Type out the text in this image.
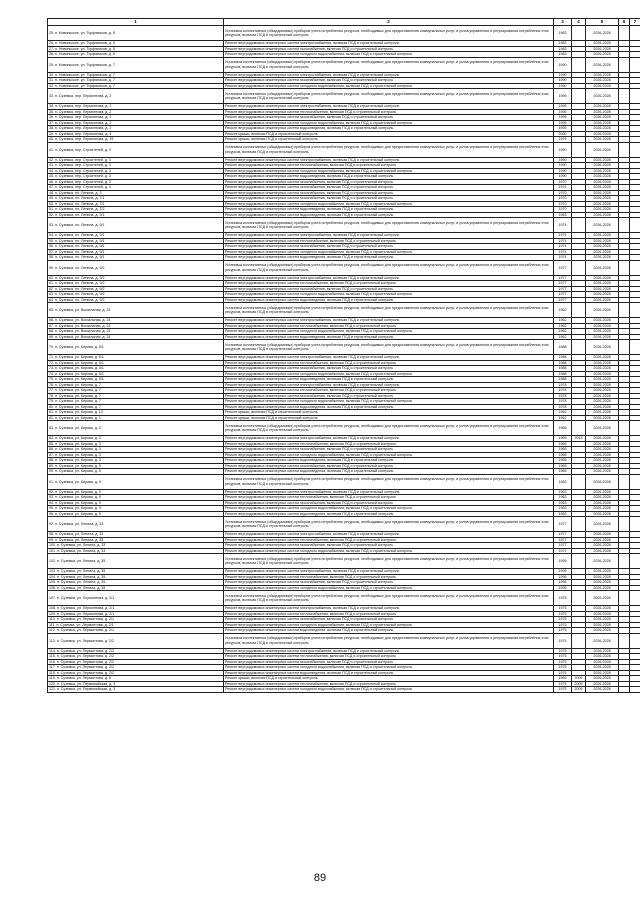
1	2	3	4	5	6	7
25. п. Новиньское, ул. Торфяников, д. 5	Установка коллективных (общедомовых) приборов учета потребления ресурсов, необходимых для предоставления коммунальных услуг, и узлов управления и регулирования потребления этих ресурсов, включая ПСД и строительный контроль	1983		2026-2028		
26. п. Новиньское, ул. Торфяников, д. 5	Ремонт внутридомовых инженерных систем электроснабжения, включая ПСД и строительный контроль	1983		2026-2028		
27. п. Новиньское, ул. Торфяников, д. 5	Ремонт внутридомовых инженерных систем газоснабжения, включая ПСД и строительный контроль	1983		2026-2028		
28. п. Новиньское, ул. Торфяников, д. 5	Ремонт внутридомовых инженерных систем холодного водоснабжения, включая ПСД и строительный контроль	1983		2026-2028		
29. п. Новиньское, ул. Торфяников, д. 7	Установка коллективных (общедомовых) приборов учета потребления ресурсов, необходимых для предоставления коммунальных услуг, и узлов управления и регулирования потребления этих ресурсов, включая ПСД и строительный контроль	1990		2026-2028		
30. п. Новиньское, ул. Торфяников, д. 7	Ремонт внутридомовых инженерных систем электроснабжения, включая ПСД и строительный контроль	1990		2026-2028		
31. п. Новиньское, ул. Торфяников, д. 7	Ремонт внутридомовых инженерных систем газоснабжения, включая ПСД и строительный контроль	1990		2026-2028		
32. п. Новиньское, ул. Торфяников, д. 7	Ремонт внутридомовых инженерных систем холодного водоснабжения, включая ПСД и строительный контроль	1990		2026-2028		
33. п. Суземка, пер. Лермонтова, д. 2	Установка коллективных (общедомовых) приборов учета потребления ресурсов, необходимых для предоставления коммунальных услуг, и узлов управления и регулирования потребления этих ресурсов, включая ПСД и строительный контроль	1995		2026-2028		
34. п. Суземка, пер. Лермонтова, д. 2	Ремонт внутридомовых инженерных систем электроснабжения, включая ПСД и строительный контроль	1995		2026-2028		
35. п. Суземка, пер. Лермонтова, д. 2	Ремонт внутридомовых инженерных систем теплоснабжения, включая ПСД и строительный контроль	1995		2026-2028		
36. п. Суземка, пер. Лермонтова, д. 2	Ремонт внутридомовых инженерных систем газоснабжения, включая ПСД и строительный контроль	1995		2026-2028		
37. п. Суземка, пер. Лермонтова, д. 2	Ремонт внутридомовых инженерных систем холодного водоснабжения, включая ПСД и строительный контроль	1995		2026-2028		
38. п. Суземка, пер. Лермонтова, д. 2	Ремонт внутридомовых инженерных систем водоотведения, включая ПСД и строительный контроль	1995		2026-2028		
39. п. Суземка, пер. Лермонтова, д. 4	Ремонт крыши, включая ПСД и строительный контроль	2000		2026-2028		
40. п. Суземка, пер. Лермонтова, д. 15	Ремонт крыши, включая ПСД и строительный контроль	1979		2026-2028		
41. п. Суземка, пер. Строителей, д. 3	Установка коллективных (общедомовых) приборов учета потребления ресурсов, необходимых для предоставления коммунальных услуг, и узлов управления и регулирования потребления этих ресурсов, включая ПСД и строительный контроль	1990		2026-2028		
42. п. Суземка, пер. Строителей, д. 3	Ремонт внутридомовых инженерных систем электроснабжения, включая ПСД и строительный контроль	1990		2026-2028		
43. п. Суземка, пер. Строителей, д. 3	Ремонт внутридомовых инженерных систем теплоснабжения, включая ПСД и строительный контроль	1990		2026-2028		
44. п. Суземка, пер. Строителей, д. 3	Ремонт внутридомовых инженерных систем холодного водоснабжения, включая ПСД и строительный контроль	1990		2026-2028		
45. п. Суземка, пер. Строителей, д. 3	Ремонт внутридомовых инженерных систем водоотведения, включая ПСД и строительный контроль	1990		2026-2028		
46. п. Суземка, пер. Строителей, д. 3	Ремонт внутридомовых инженерных систем газоснабжения, включая ПСД и строительный контроль	1970		2026-2028		
47. п. Суземка, пер. Строителей, д. 4	Ремонт внутридомовых инженерных систем газоснабжения, включая ПСД и строительный контроль	1974		2026-2028		
48. п. Суземка, пл. Ленина, д. 3	Ремонт внутридомовых инженерных систем газоснабжения, включая ПСД и строительный контроль	1970		2026-2028		
49. п. Суземка, пл. Ленина, д. 7/1	Ремонт внутридомовых инженерных систем газоснабжения, включая ПСД и строительный контроль	1970		2026-2028		
50. п. Суземка, пл. Ленина, д. 7/1	Ремонт внутридомовых инженерных систем холодного водоснабжения, включая ПСД и строительный контроль	1970		2026-2028		
51. п. Суземка, пл. Ленина, д. 7/2	Ремонт внутридомовых инженерных систем водоотведения, включая ПСД и строительный контроль	1970		2026-2028		
52. п. Суземка, пл. Ленина, д. 9/1	Ремонт внутридомовых инженерных систем водоотведения, включая ПСД и строительный контроль	1953		2026-2028		
53. п. Суземка, пл. Ленина, д. 9/1	Установка коллективных (общедомовых) приборов учета потребления ресурсов, необходимых для предоставления коммунальных услуг, и узлов управления и регулирования потребления этих ресурсов, включая ПСД и строительный контроль	1974		2026-2028		
54. п. Суземка, пл. Ленина, д. 9/1	Ремонт внутридомовых инженерных систем электроснабжения, включая ПСД и строительный контроль	1974		2026-2028		
55. п. Суземка, пл. Ленина, д. 9/1	Ремонт внутридомовых инженерных систем теплоснабжения, включая ПСД и строительный контроль	1974		2026-2028		
56. п. Суземка, пл. Ленина, д. 9/1	Ремонт внутридомовых инженерных систем газоснабжения, включая ПСД и строительный контроль	1974		2026-2028		
57. п. Суземка, пл. Ленина, д. 9/1	Ремонт внутридомовых инженерных систем холодного водоснабжения, включая ПСД и строительный контроль	1974		2026-2028		
58. п. Суземка, пл. Ленина, д. 9/1	Ремонт внутридомовых инженерных систем водоотведения, включая ПСД и строительный контроль	1974		2026-2028		
59. п. Суземка, пл. Ленина, д. 9/2	Установка коллективных (общедомовых) приборов учета потребления ресурсов, необходимых для предоставления коммунальных услуг, и узлов управления и регулирования потребления этих ресурсов, включая ПСД и строительный контроль	1977		2026-2028		
60. п. Суземка, пл. Ленина, д. 9/2	Ремонт внутридомовых инженерных систем электроснабжения, включая ПСД и строительный контроль	1977		2026-2028		
61. п. Суземка, пл. Ленина, д. 9/2	Ремонт внутридомовых инженерных систем теплоснабжения, включая ПСД и строительный контроль	1977		2026-2028		
62. п. Суземка, пл. Ленина, д. 9/2	Ремонт внутридомовых инженерных систем газоснабжения, включая ПСД и строительный контроль	1977		2026-2028		
63. п. Суземка, пл. Ленина, д. 9/2	Ремонт внутридомовых инженерных систем холодного водоснабжения, включая ПСД и строительный контроль	1977		2026-2028		
64. п. Суземка, пл. Ленина, д. 9/2	Ремонт внутридомовых инженерных систем водоотведения, включая ПСД и строительный контроль	1977		2026-2028		
65. п. Суземка, ул. Вокзальная, д. 24	Установка коллективных (общедомовых) приборов учета потребления ресурсов, необходимых для предоставления коммунальных услуг, и узлов управления и регулирования потребления этих ресурсов, включая ПСД и строительный контроль	1962		2026-2028		
66. п. Суземка, ул. Вокзальная, д. 24	Ремонт внутридомовых инженерных систем электроснабжения, включая ПСД и строительный контроль	1962		2026-2028		
67. п. Суземка, ул. Вокзальная, д. 24	Ремонт внутридомовых инженерных систем теплоснабжения, включая ПСД и строительный контроль	1962		2026-2028		
68. п. Суземка, ул. Вокзальная, д. 24	Ремонт внутридомовых инженерных систем холодного водоснабжения, включая ПСД и строительный контроль	1962		2026-2028		
69. п. Суземка, ул. Вокзальная, д. 24	Ремонт внутридомовых инженерных систем водоотведения, включая ПСД и строительный контроль	1962		2026-2028		
70. п. Суземка, ул. Кирова, д. 5/1	Установка коллективных (общедомовых) приборов учета потребления ресурсов, необходимых для предоставления коммунальных услуг, и узлов управления и регулирования потребления этих ресурсов, включая ПСД и строительный контроль	1988		2026-2028		
71. п. Суземка, ул. Кирова, д. 5/1	Ремонт внутридомовых инженерных систем электроснабжения, включая ПСД и строительный контроль	1988		2026-2028		
72. п. Суземка, ул. Кирова, д. 5/1	Ремонт внутридомовых инженерных систем теплоснабжения, включая ПСД и строительный контроль	1988		2026-2028		
73. п. Суземка, ул. Кирова, д. 5/1	Ремонт внутридомовых инженерных систем газоснабжения, включая ПСД и строительный контроль	1988		2026-2028		
74. п. Суземка, ул. Кирова, д. 5/1	Ремонт внутридомовых инженерных систем холодного водоснабжения, включая ПСД и строительный контроль	1988		2026-2028		
75. п. Суземка, ул. Кирова, д. 5/1	Ремонт внутридомовых инженерных систем водоотведения, включая ПСД и строительный контроль	1988		2026-2028		
76. п. Суземка, ул. Кирова, д. 7	Ремонт внутридомовых инженерных систем электроснабжения, включая ПСД и строительный контроль	1978		2026-2028		
77. п. Суземка, ул. Кирова, д. 7	Ремонт внутридомовых инженерных систем теплоснабжения, включая ПСД и строительный контроль	1978		2026-2028		
78. п. Суземка, ул. Кирова, д. 7	Ремонт внутридомовых инженерных систем газоснабжения, включая ПСД и строительный контроль	1978		2026-2028		
79. п. Суземка, ул. Кирова, д. 7	Ремонт внутридомовых инженерных систем холодного водоснабжения, включая ПСД и строительный контроль	1978		2026-2028		
80. п. Суземка, ул. Кирова, д. 7	Ремонт внутридомовых инженерных систем водоотведения, включая ПСД и строительный контроль	1978		2026-2028		
81. п. Суземка, ул. Кирова, д. 13	Ремонт крыши, включая ПСД и строительный контроль	1962		2026-2028		
82. п. Суземка, ул. Кирова, д. 1	Ремонт крыши, включая ПСД и строительный контроль	1962		2026-2028		
83. п. Суземка, ул. Кирова, д. 3	Установка коллективных (общедомовых) приборов учета потребления ресурсов, необходимых для предоставления коммунальных услуг, и узлов управления и регулирования потребления этих ресурсов, включая ПСД и строительный контроль	1965		2026-2028		
84. п. Суземка, ул. Кирова, д. 3	Ремонт внутридомовых инженерных систем электроснабжения, включая ПСД и строительный контроль	1965	2015	2026-2028		
85. п. Суземка, ул. Кирова, д. 3	Ремонт внутридомовых инженерных систем теплоснабжения, включая ПСД и строительный контроль	1965		2026-2028		
86. п. Суземка, ул. Кирова, д. 3	Ремонт внутридомовых инженерных систем газоснабжения, включая ПСД и строительный контроль	1965		2026-2028		
87. п. Суземка, ул. Кирова, д. 3	Ремонт внутридомовых инженерных систем холодного водоснабжения, включая ПСД и строительный контроль	1965		2026-2028		
88. п. Суземка, ул. Кирова, д. 3	Ремонт внутридомовых инженерных систем водоотведения, включая ПСД и строительный контроль	1965		2026-2028		
89. п. Суземка, ул. Кирова, д. 5	Ремонт внутридомовых инженерных систем газоснабжения, включая ПСД и строительный контроль	1965		2026-2028		
90. п. Суземка, ул. Кирова, д. 5	Ремонт внутридомовых инженерных систем водоотведения, включая ПСД и строительный контроль	1965		2026-2028		
91. п. Суземка, ул. Кирова, д. 9	Установка коллективных (общедомовых) приборов учета потребления ресурсов, необходимых для предоставления коммунальных услуг, и узлов управления и регулирования потребления этих ресурсов, включая ПСД и строительный контроль	1963		2026-2028		
92. п. Суземка, ул. Кирова, д. 9	Ремонт внутридомовых инженерных систем электроснабжения, включая ПСД и строительный контроль	1963		2026-2028		
93. п. Суземка, ул. Кирова, д. 9	Ремонт внутридомовых инженерных систем теплоснабжения, включая ПСД и строительный контроль	1963		2026-2028		
94. п. Суземка, ул. Кирова, д. 9	Ремонт внутридомовых инженерных систем газоснабжения, включая ПСД и строительный контроль	1963		2026-2028		
95. п. Суземка, ул. Кирова, д. 9	Ремонт внутридомовых инженерных систем холодного водоснабжения, включая ПСД и строительный контроль	1963		2026-2028		
96. п. Суземка, ул. Кирова, д. 9	Ремонт внутридомовых инженерных систем водоотведения, включая ПСД и строительный контроль	1963		2026-2028		
97. п. Суземка, ул. Ленина, д. 33	Установка коллективных (общедомовых) приборов учета потребления ресурсов, необходимых для предоставления коммунальных услуг, и узлов управления и регулирования потребления этих ресурсов, включая ПСД и строительный контроль	1977		2026-2028		
98. п. Суземка, ул. Ленина, д. 33	Ремонт внутридомовых инженерных систем электроснабжения, включая ПСД и строительный контроль	1977		2026-2028		
99. п. Суземка, ул. Ленина, д. 33	Ремонт внутридомовых инженерных систем теплоснабжения, включая ПСД и строительный контроль	1977		2026-2028		
100. п. Суземка, ул. Ленина, д. 33	Ремонт внутридомовых инженерных систем газоснабжения, включая ПСД и строительный контроль	1977		2026-2028		
101. п. Суземка, ул. Ленина, д. 33	Ремонт внутридомовых инженерных систем холодного водоснабжения, включая ПСД и строительный контроль	1977		2026-2028		
102. п. Суземка, ул. Ленина, д. 35	Установка коллективных (общедомовых) приборов учета потребления ресурсов, необходимых для предоставления коммунальных услуг, и узлов управления и регулирования потребления этих ресурсов, включая ПСД и строительный контроль	1995		2026-2028		
103. п. Суземка, ул. Ленина, д. 35	Ремонт внутридомовых инженерных систем электроснабжения, включая ПСД и строительный контроль	1995		2026-2028		
104. п. Суземка, ул. Ленина, д. 35	Ремонт внутридомовых инженерных систем теплоснабжения, включая ПСД и строительный контроль	1995		2026-2028		
105. п. Суземка, ул. Ленина, д. 35	Ремонт внутридомовых инженерных систем газоснабжения, включая ПСД и строительный контроль	1995		2026-2028		
106. п. Суземка, ул. Ленина, д. 35	Ремонт внутридомовых инженерных систем холодного водоснабжения, включая ПСД и строительный контроль	1995		2026-2028		
107. п. Суземка, ул. Лермонтова, д. 2/1	Установка коллективных (общедомовых) приборов учета потребления ресурсов, необходимых для предоставления коммунальных услуг, и узлов управления и регулирования потребления этих ресурсов, включая ПСД и строительный контроль	1975		2009-2028		
108. п. Суземка, ул. Лермонтова, д. 2/1	Ремонт внутридомовых инженерных систем электроснабжения, включая ПСД и строительный контроль	1975		2026-2028		
109. п. Суземка, ул. Лермонтова, д. 2/1	Ремонт внутридомовых инженерных систем теплоснабжения, включая ПСД и строительный контроль	1975		2026-2028		
110. п. Суземка, ул. Лермонтова, д. 2/1	Ремонт внутридомовых инженерных систем газоснабжения, включая ПСД и строительный контроль	1975		2026-2028		
111. п. Суземка, ул. Лермонтова, д. 2/1	Ремонт внутридомовых инженерных систем холодного водоснабжения, включая ПСД и строительный контроль	1975		2026-2028		
112. п. Суземка, ул. Лермонтова, д. 2/1	Ремонт внутридомовых инженерных систем водоотведения, включая ПСД и строительный контроль	1975		2026-2028		
113. п. Суземка, ул. Лермонтова, д. 2/2	Установка коллективных (общедомовых) приборов учета потребления ресурсов, необходимых для предоставления коммунальных услуг, и узлов управления и регулирования потребления этих ресурсов, включая ПСД и строительный контроль	1975		2026-2028		
114. п. Суземка, ул. Лермонтова, д. 2/2	Ремонт внутридомовых инженерных систем электроснабжения, включая ПСД и строительный контроль	1975		2026-2028		
115. п. Суземка, ул. Лермонтова, д. 2/2	Ремонт внутридомовых инженерных систем теплоснабжения, включая ПСД и строительный контроль	1975		2026-2028		
116. п. Суземка, ул. Лермонтова, д. 2/2	Ремонт внутридомовых инженерных систем газоснабжения, включая ПСД и строительный контроль	1975		2026-2028		
117. п. Суземка, ул. Лермонтова, д. 2/2	Ремонт внутридомовых инженерных систем холодного водоснабжения, включая ПСД и строительный контроль	1975		2026-2028		
118. п. Суземка, ул. Лермонтова, д. 2/2	Ремонт внутридомовых инженерных систем водоотведения, включая ПСД и строительный контроль	1975		2026-2028		
119. п. Суземка, ул. Лермонтова, д. 6	Ремонт крыши, включая ПСД и строительный контроль	1969	2009	2026-2028		
120. п. Суземка, ул. Первомайская, д. 3	Ремонт внутридомовых инженерных систем теплоснабжения, включая ПСД и строительный контроль	1975	2009	2026-2028		
121. п. Суземка, ул. Первомайская, д. 3	Ремонт внутридомовых инженерных систем холодного водоснабжения, включая ПСД и строительный контроль	1975	2009	2026-2028		
89
